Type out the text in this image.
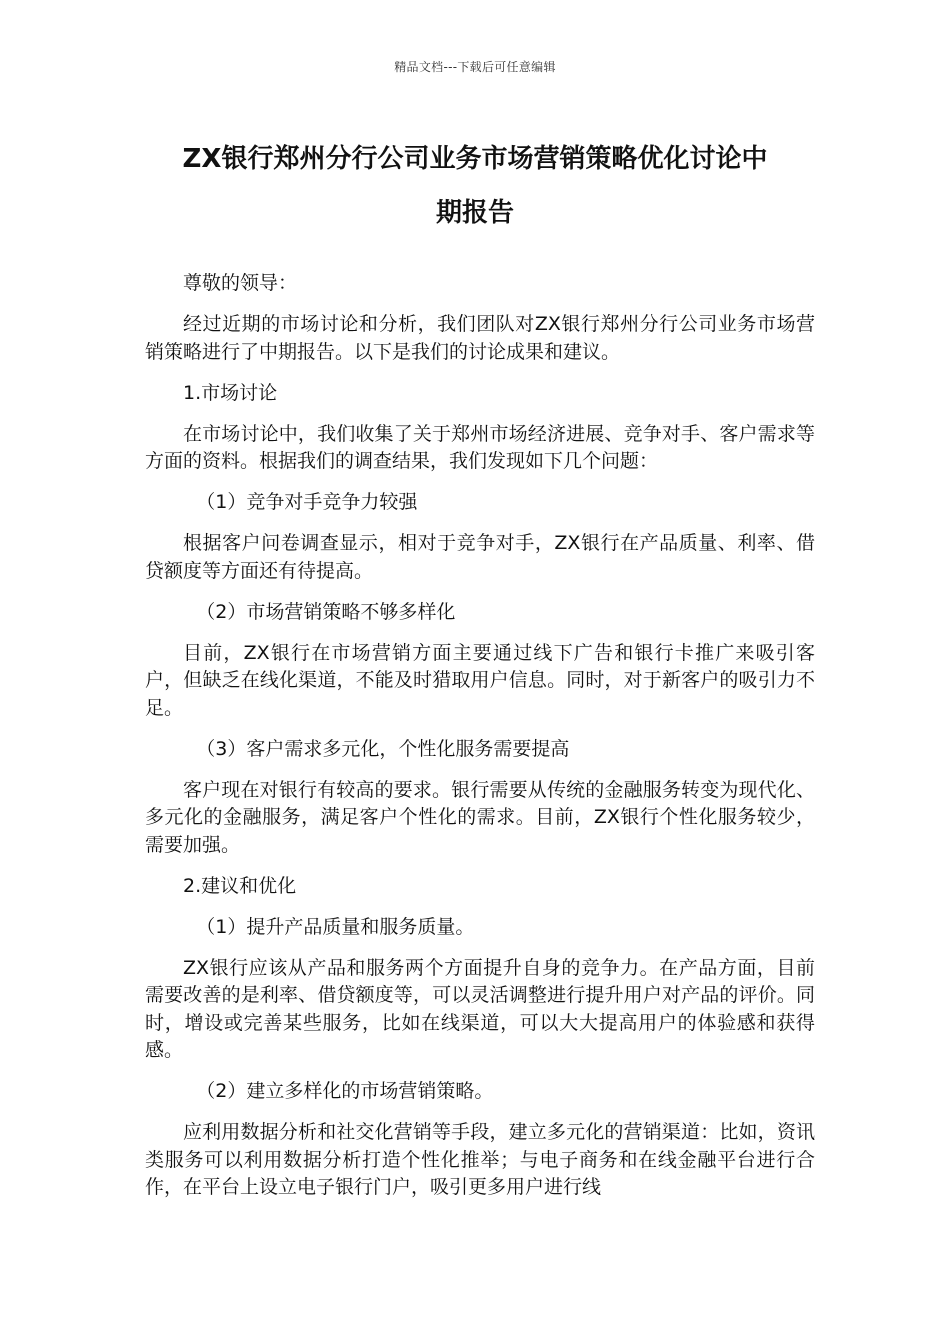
精品文档---下载后可任意编辑
ZX银行郑州分行公司业务市场营销策略优化讨论中
期报告

尊敬的领导：

经过近期的市场讨论和分析，我们团队对ZX银行郑州分行公司业务市场营销策略进行了中期报告。以下是我们的讨论成果和建议。

1.市场讨论

在市场讨论中，我们收集了关于郑州市场经济进展、竞争对手、客户需求等方面的资料。根据我们的调查结果，我们发现如下几个问题：

（1）竞争对手竞争力较强

根据客户问卷调查显示，相对于竞争对手，ZX银行在产品质量、利率、借贷额度等方面还有待提高。

（2）市场营销策略不够多样化

目前，ZX银行在市场营销方面主要通过线下广告和银行卡推广来吸引客户，但缺乏在线化渠道，不能及时猎取用户信息。同时，对于新客户的吸引力不足。

（3）客户需求多元化，个性化服务需要提高

客户现在对银行有较高的要求。银行需要从传统的金融服务转变为现代化、多元化的金融服务，满足客户个性化的需求。目前，ZX银行个性化服务较少，需要加强。

2.建议和优化

（1）提升产品质量和服务质量。

ZX银行应该从产品和服务两个方面提升自身的竞争力。在产品方面，目前需要改善的是利率、借贷额度等，可以灵活调整进行提升用户对产品的评价。同时，增设或完善某些服务，比如在线渠道，可以大大提高用户的体验感和获得感。

（2）建立多样化的市场营销策略。

应利用数据分析和社交化营销等手段，建立多元化的营销渠道：比如，资讯类服务可以利用数据分析打造个性化推举；与电子商务和在线金融平台进行合作，在平台上设立电子银行门户，吸引更多用户进行线
